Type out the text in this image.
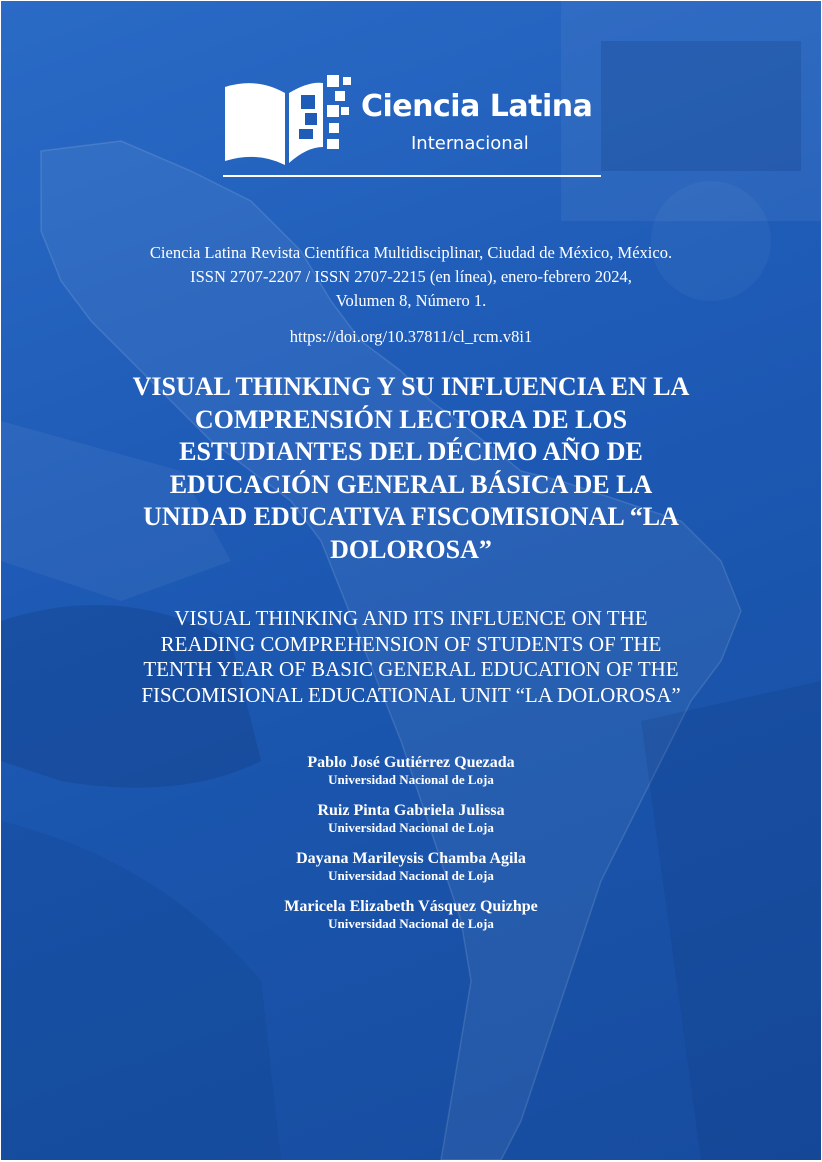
Ciencia Latina
Internacional
Ciencia Latina Revista Científica Multidisciplinar, Ciudad de México, México.
ISSN 2707-2207 / ISSN 2707-2215 (en línea), enero-febrero 2024,
Volumen 8, Número 1.
https://doi.org/10.37811/cl_rcm.v8i1
VISUAL THINKING Y SU INFLUENCIA EN LA
COMPRENSIÓN LECTORA DE LOS
ESTUDIANTES DEL DÉCIMO AÑO DE
EDUCACIÓN GENERAL BÁSICA DE LA
UNIDAD EDUCATIVA FISCOMISIONAL “LA
DOLOROSA”
VISUAL THINKING AND ITS INFLUENCE ON THE
READING COMPREHENSION OF STUDENTS OF THE
TENTH YEAR OF BASIC GENERAL EDUCATION OF THE
FISCOMISIONAL EDUCATIONAL UNIT “LA DOLOROSA”
Pablo José Gutiérrez Quezada
Universidad Nacional de Loja
Ruiz Pinta Gabriela Julissa
Universidad Nacional de Loja
Dayana Marileysis Chamba Agila
Universidad Nacional de Loja
Maricela Elizabeth Vásquez Quizhpe
Universidad Nacional de Loja
